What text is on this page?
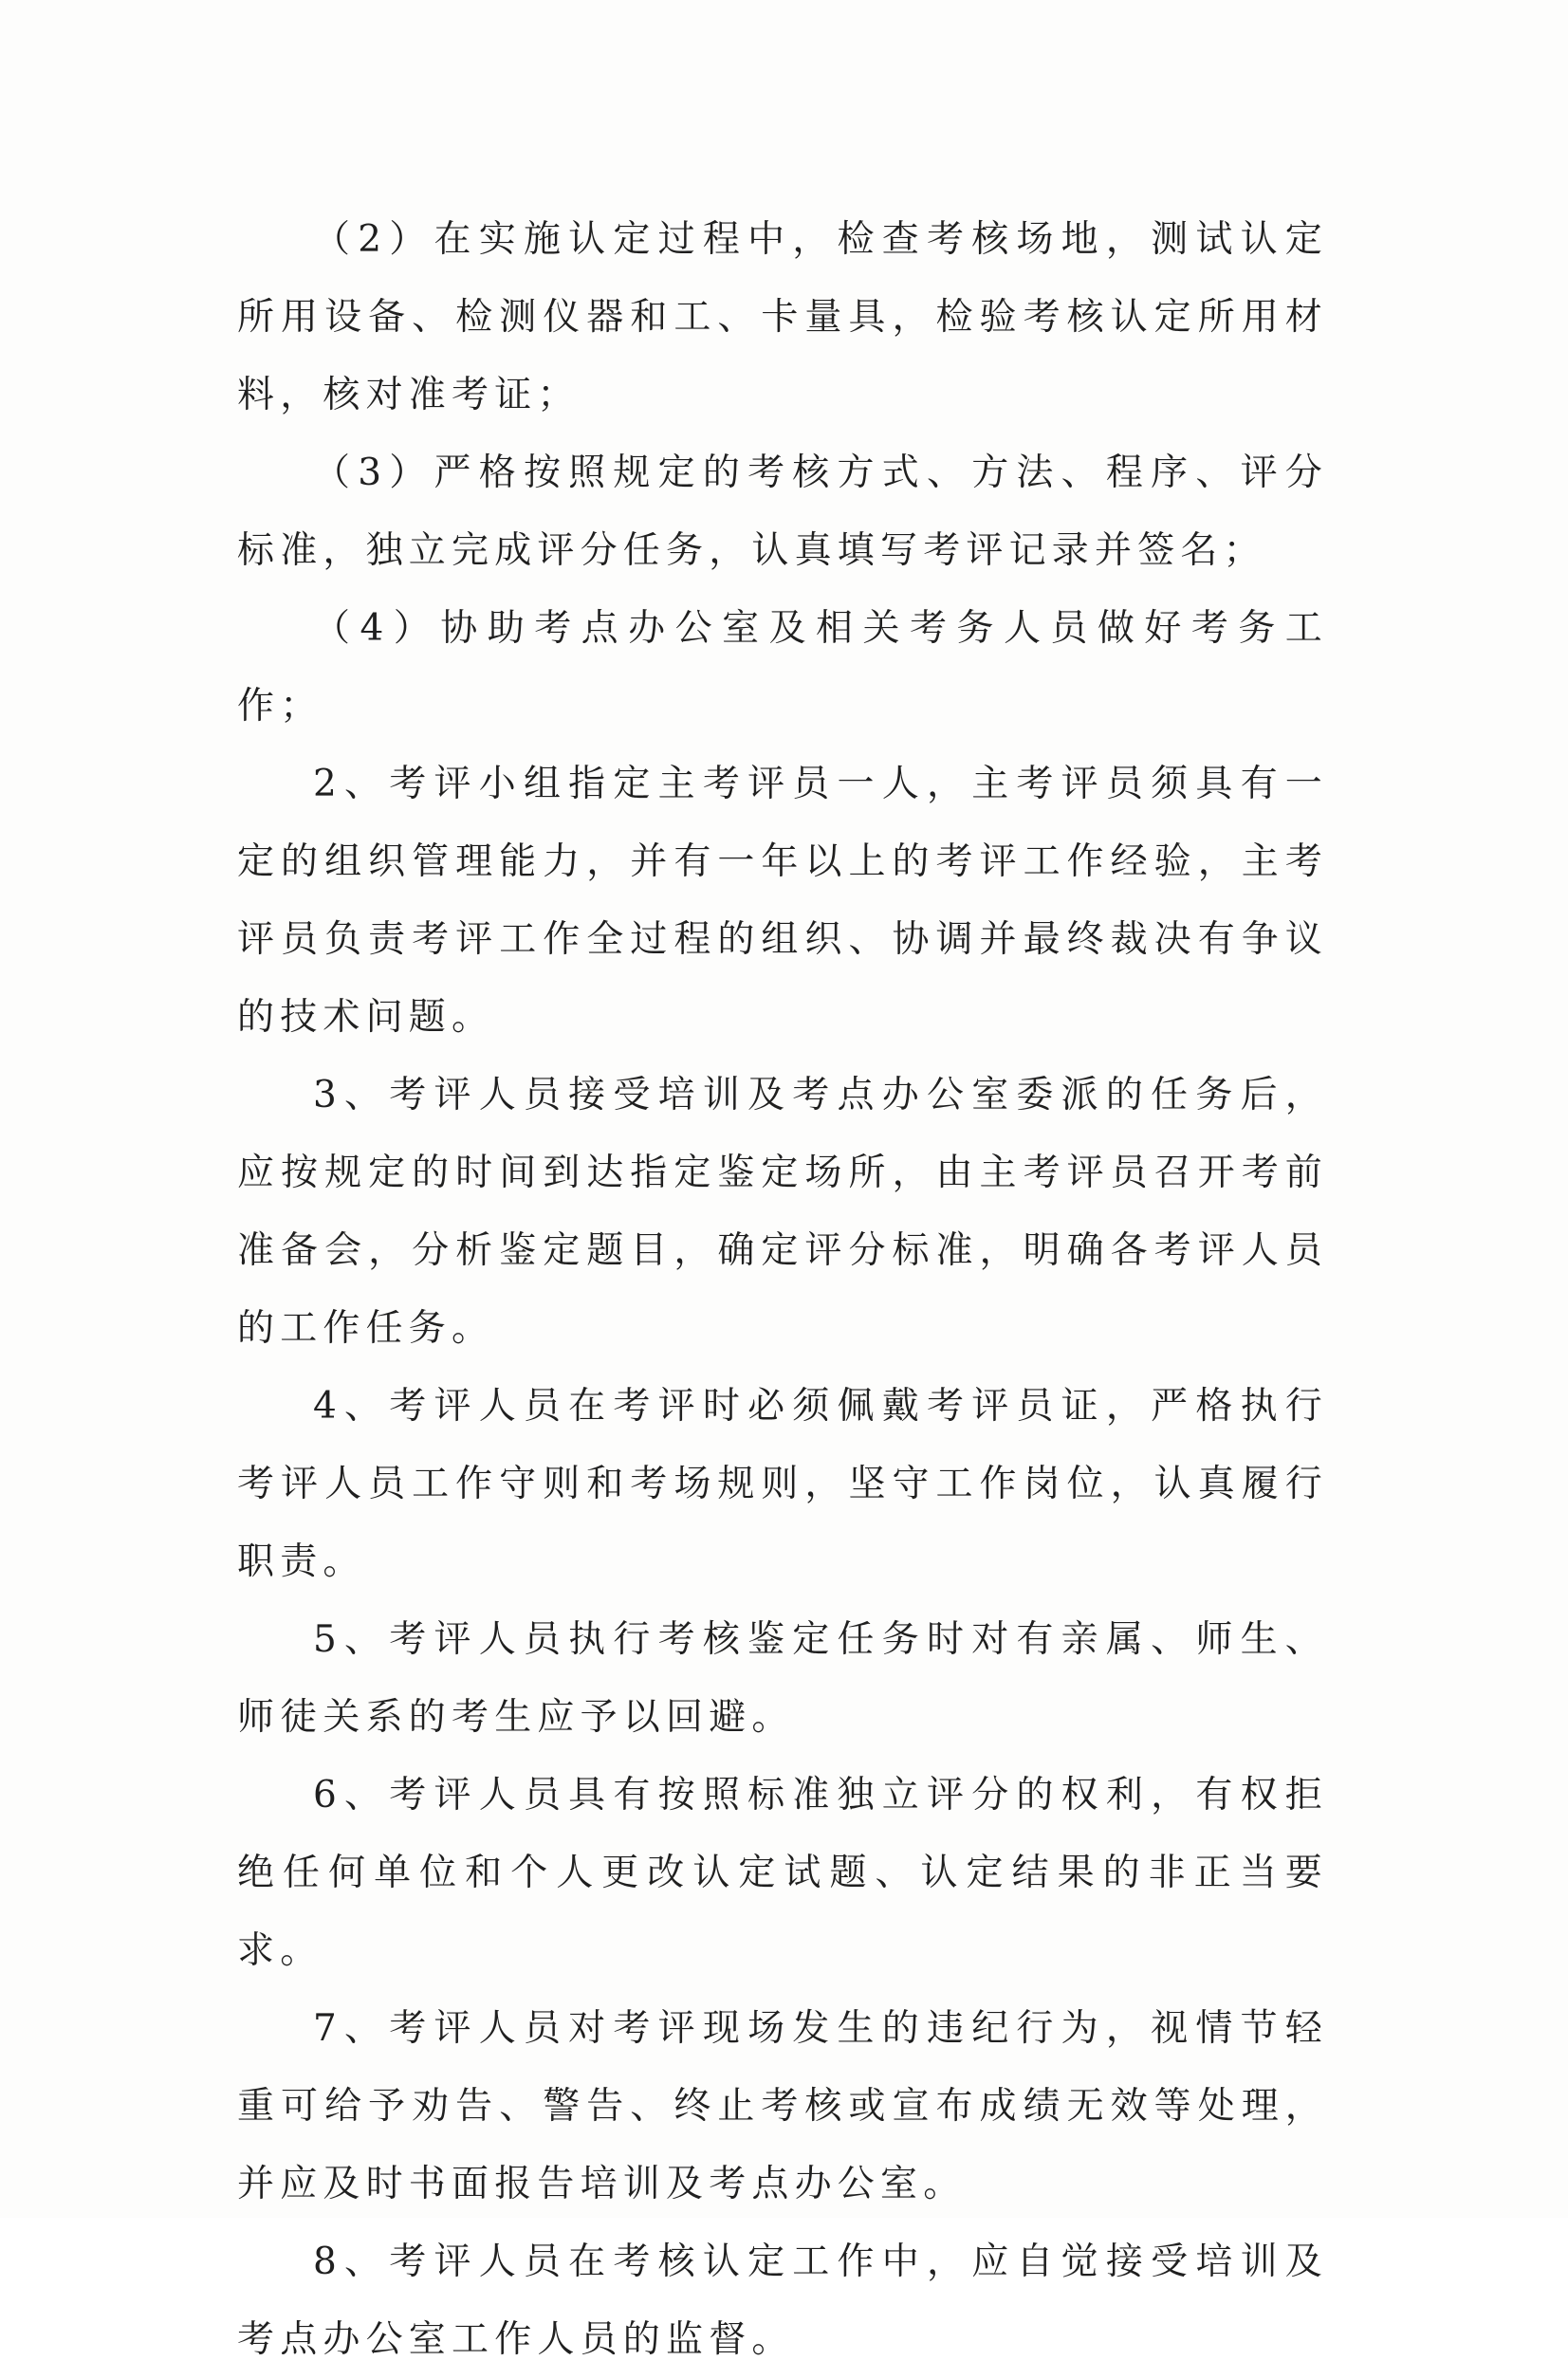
（2）在实施认定过程中，检查考核场地，测试认定所用设备、检测仪器和工、卡量具，检验考核认定所用材料，核对准考证；

（3）严格按照规定的考核方式、方法、程序、评分标准，独立完成评分任务，认真填写考评记录并签名；

（4）协助考点办公室及相关考务人员做好考务工作；

2、考评小组指定主考评员一人，主考评员须具有一定的组织管理能力，并有一年以上的考评工作经验，主考评员负责考评工作全过程的组织、协调并最终裁决有争议的技术问题。

3、考评人员接受培训及考点办公室委派的任务后，应按规定的时间到达指定鉴定场所，由主考评员召开考前准备会，分析鉴定题目，确定评分标准，明确各考评人员的工作任务。

4、考评人员在考评时必须佩戴考评员证，严格执行考评人员工作守则和考场规则，坚守工作岗位，认真履行职责。

5、考评人员执行考核鉴定任务时对有亲属、师生、师徒关系的考生应予以回避。

6、考评人员具有按照标准独立评分的权利，有权拒绝任何单位和个人更改认定试题、认定结果的非正当要求。

7、考评人员对考评现场发生的违纪行为，视情节轻重可给予劝告、警告、终止考核或宣布成绩无效等处理，并应及时书面报告培训及考点办公室。

8、考评人员在考核认定工作中，应自觉接受培训及考点办公室工作人员的监督。
